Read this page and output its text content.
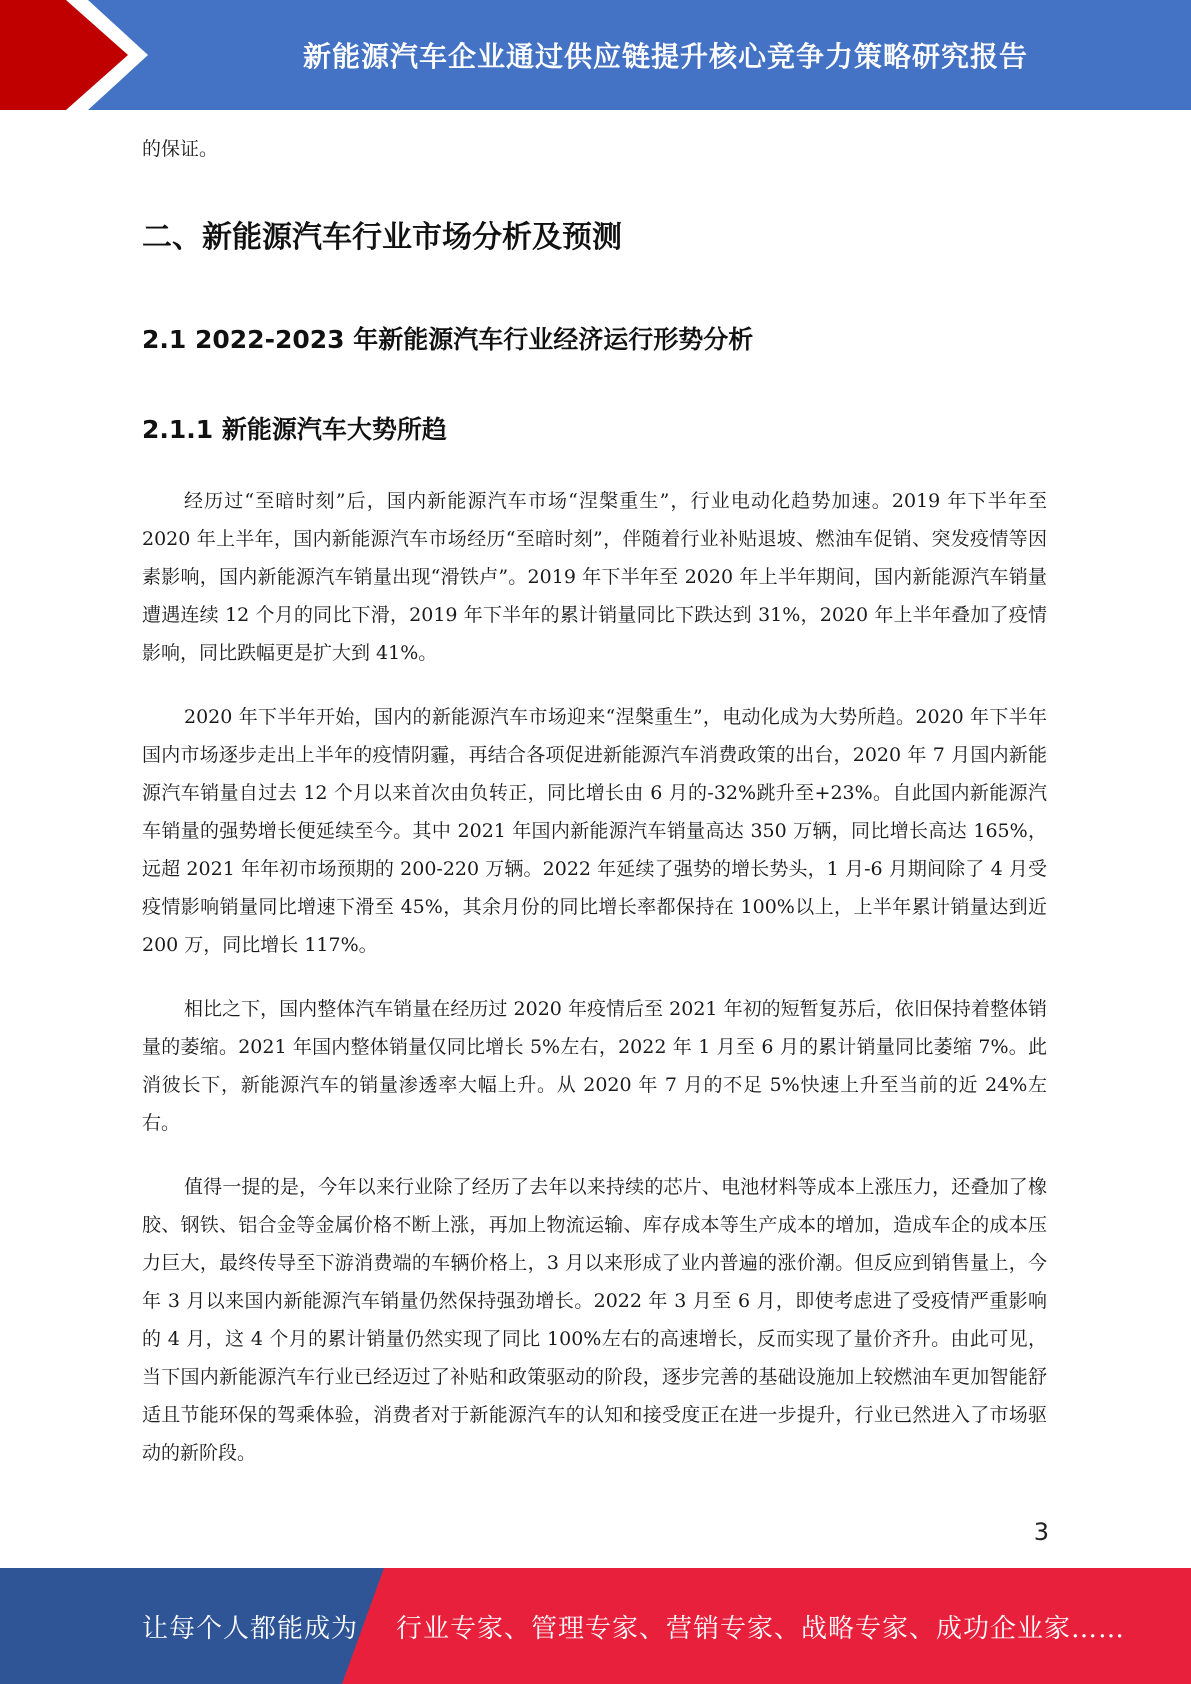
新能源汽车企业通过供应链提升核心竞争力策略研究报告

的保证。

二、新能源汽车行业市场分析及预测
2.1 2022-2023 年新能源汽车行业经济运行形势分析
2.1.1 新能源汽车大势所趋

经历过“至暗时刻”后，国内新能源汽车市场“涅槃重生”，行业电动化趋势加速。2019 年下半年至 2020 年上半年，国内新能源汽车市场经历“至暗时刻”，伴随着行业补贴退坡、燃油车促销、突发疫情等因素影响，国内新能源汽车销量出现“滑铁卢”。2019 年下半年至 2020 年上半年期间，国内新能源汽车销量遭遇连续 12 个月的同比下滑，2019 年下半年的累计销量同比下跌达到 31%，2020 年上半年叠加了疫情影响，同比跌幅更是扩大到 41%。

2020 年下半年开始，国内的新能源汽车市场迎来“涅槃重生”，电动化成为大势所趋。2020 年下半年国内市场逐步走出上半年的疫情阴霾，再结合各项促进新能源汽车消费政策的出台，2020 年 7 月国内新能源汽车销量自过去 12 个月以来首次由负转正，同比增长由 6 月的-32%跳升至+23%。自此国内新能源汽车销量的强势增长便延续至今。其中 2021 年国内新能源汽车销量高达 350 万辆，同比增长高达 165%，远超 2021 年年初市场预期的 200-220 万辆。2022 年延续了强势的增长势头，1 月-6 月期间除了 4 月受疫情影响销量同比增速下滑至 45%，其余月份的同比增长率都保持在 100%以上，上半年累计销量达到近 200 万，同比增长 117%。

相比之下，国内整体汽车销量在经历过 2020 年疫情后至 2021 年初的短暂复苏后，依旧保持着整体销量的萎缩。2021 年国内整体销量仅同比增长 5%左右，2022 年 1 月至 6 月的累计销量同比萎缩 7%。此消彼长下，新能源汽车的销量渗透率大幅上升。从 2020 年 7 月的不足 5%快速上升至当前的近 24%左右。

值得一提的是，今年以来行业除了经历了去年以来持续的芯片、电池材料等成本上涨压力，还叠加了橡胶、钢铁、铝合金等金属价格不断上涨，再加上物流运输、库存成本等生产成本的增加，造成车企的成本压力巨大，最终传导至下游消费端的车辆价格上，3 月以来形成了业内普遍的涨价潮。但反应到销售量上，今年 3 月以来国内新能源汽车销量仍然保持强劲增长。2022 年 3 月至 6 月，即使考虑进了受疫情严重影响的 4 月，这 4 个月的累计销量仍然实现了同比 100%左右的高速增长，反而实现了量价齐升。由此可见，当下国内新能源汽车行业已经迈过了补贴和政策驱动的阶段，逐步完善的基础设施加上较燃油车更加智能舒适且节能环保的驾乘体验，消费者对于新能源汽车的认知和接受度正在进一步提升，行业已然进入了市场驱动的新阶段。

3
让每个人都能成为 行业专家、管理专家、营销专家、战略专家、成功企业家……
